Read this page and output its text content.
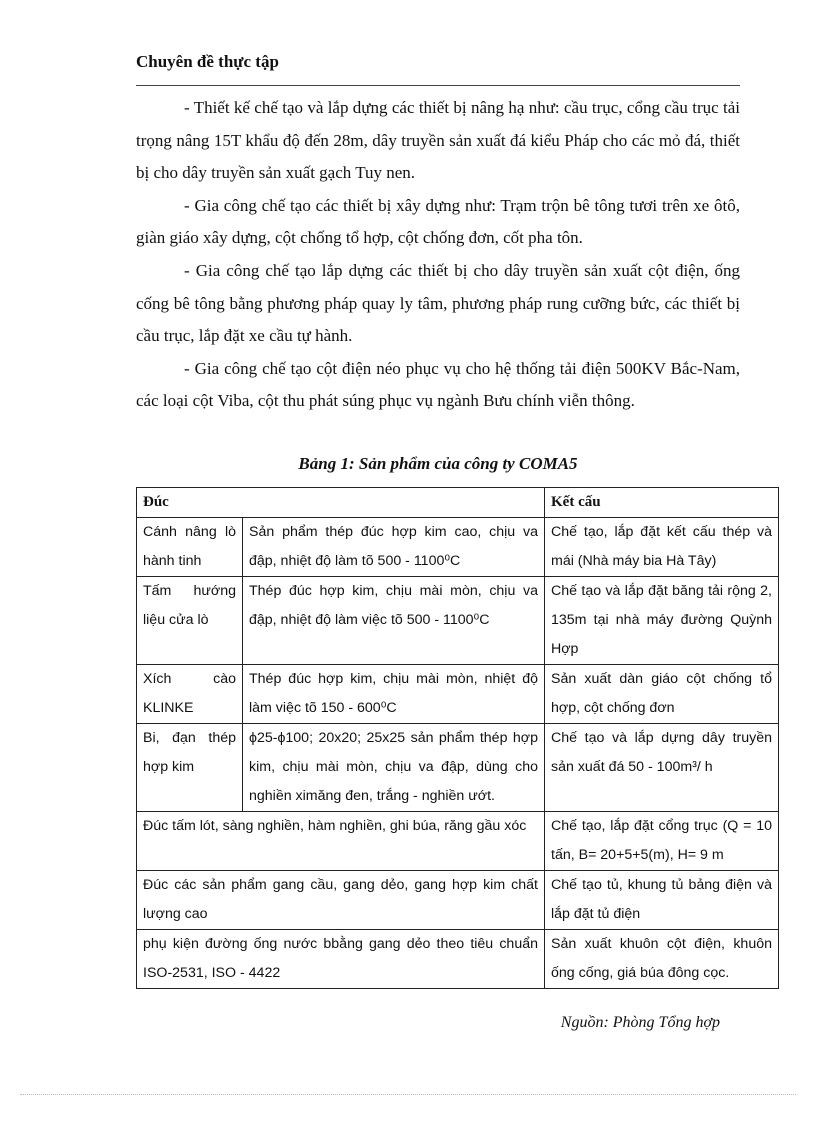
Chuyên đề thực tập

- Thiết kế chế tạo và lắp dựng các thiết bị nâng hạ như: cầu trục, cổng cầu trục tải trọng nâng 15T khẩu độ đến 28m, dây truyền sản xuất đá kiểu Pháp cho các mỏ đá, thiết bị cho dây truyền sản xuất gạch Tuy nen.

- Gia công chế tạo các thiết bị xây dựng như: Trạm trộn bê tông tươi trên xe ôtô, giàn giáo xây dựng, cột chống tổ hợp, cột chống đơn, cốt pha tôn.

- Gia công chế tạo lắp dựng các thiết bị cho dây truyền sản xuất cột điện, ống cống bê tông bằng phương pháp quay ly tâm, phương pháp rung cưỡng bức, các thiết bị cầu trục, lắp đặt xe cầu tự hành.

- Gia công chế tạo cột điện néo phục vụ cho hệ thống tải điện 500KV Bắc-Nam, các loại cột Viba, cột thu phát súng phục vụ ngành Bưu chính viễn thông.

Bảng 1: Sản phẩm của công ty COMA5
Đúc		Kết cấu
Cánh nâng lò hành tinh	Sản phẩm thép đúc hợp kim cao, chịu va đập, nhiệt độ làm tõ 500 - 1100⁰C	Chế tạo, lắp đặt kết cấu thép và mái (Nhà máy bia Hà Tây)
Tấm hướng liệu cửa lò	Thép đúc hợp kim, chịu mài mòn, chịu va đập, nhiệt độ làm việc tõ 500 - 1100⁰C	Chế tạo và lắp đặt băng tải rộng 2, 135m tại nhà máy đường Quỳnh Hợp
Xích cào KLINKE	Thép đúc hợp kim, chịu mài mòn, nhiệt độ làm việc tõ 150 - 600⁰C	Sản xuất dàn giáo cột chống tổ hợp, cột chống đơn
Bi, đạn thép hợp kim	ϕ25-ϕ100; 20x20; 25x25 sản phẩm thép hợp kim, chịu mài mòn, chịu va đập, dùng cho nghiền ximăng đen, trắng - nghiền ướt.	Chế tạo và lắp dựng dây truyền sản xuất đá 50 - 100m³/ h
Đúc tấm lót, sàng nghiền, hàm nghiền, ghi búa, răng gầu xóc		Chế tạo, lắp đặt cổng trục (Q = 10 tấn, B= 20+5+5(m), H= 9 m
Đúc các sản phẩm gang cầu, gang dẻo, gang hợp kim chất lượng cao		Chế tạo tủ, khung tủ bảng điện và lắp đặt tủ điện
phụ kiện đường ống nước bbằng gang dẻo theo tiêu chuẩn ISO-2531, ISO - 4422		Sản xuất khuôn cột điện, khuôn ống cống, giá búa đông cọc.
Nguồn: Phòng Tổng hợp
